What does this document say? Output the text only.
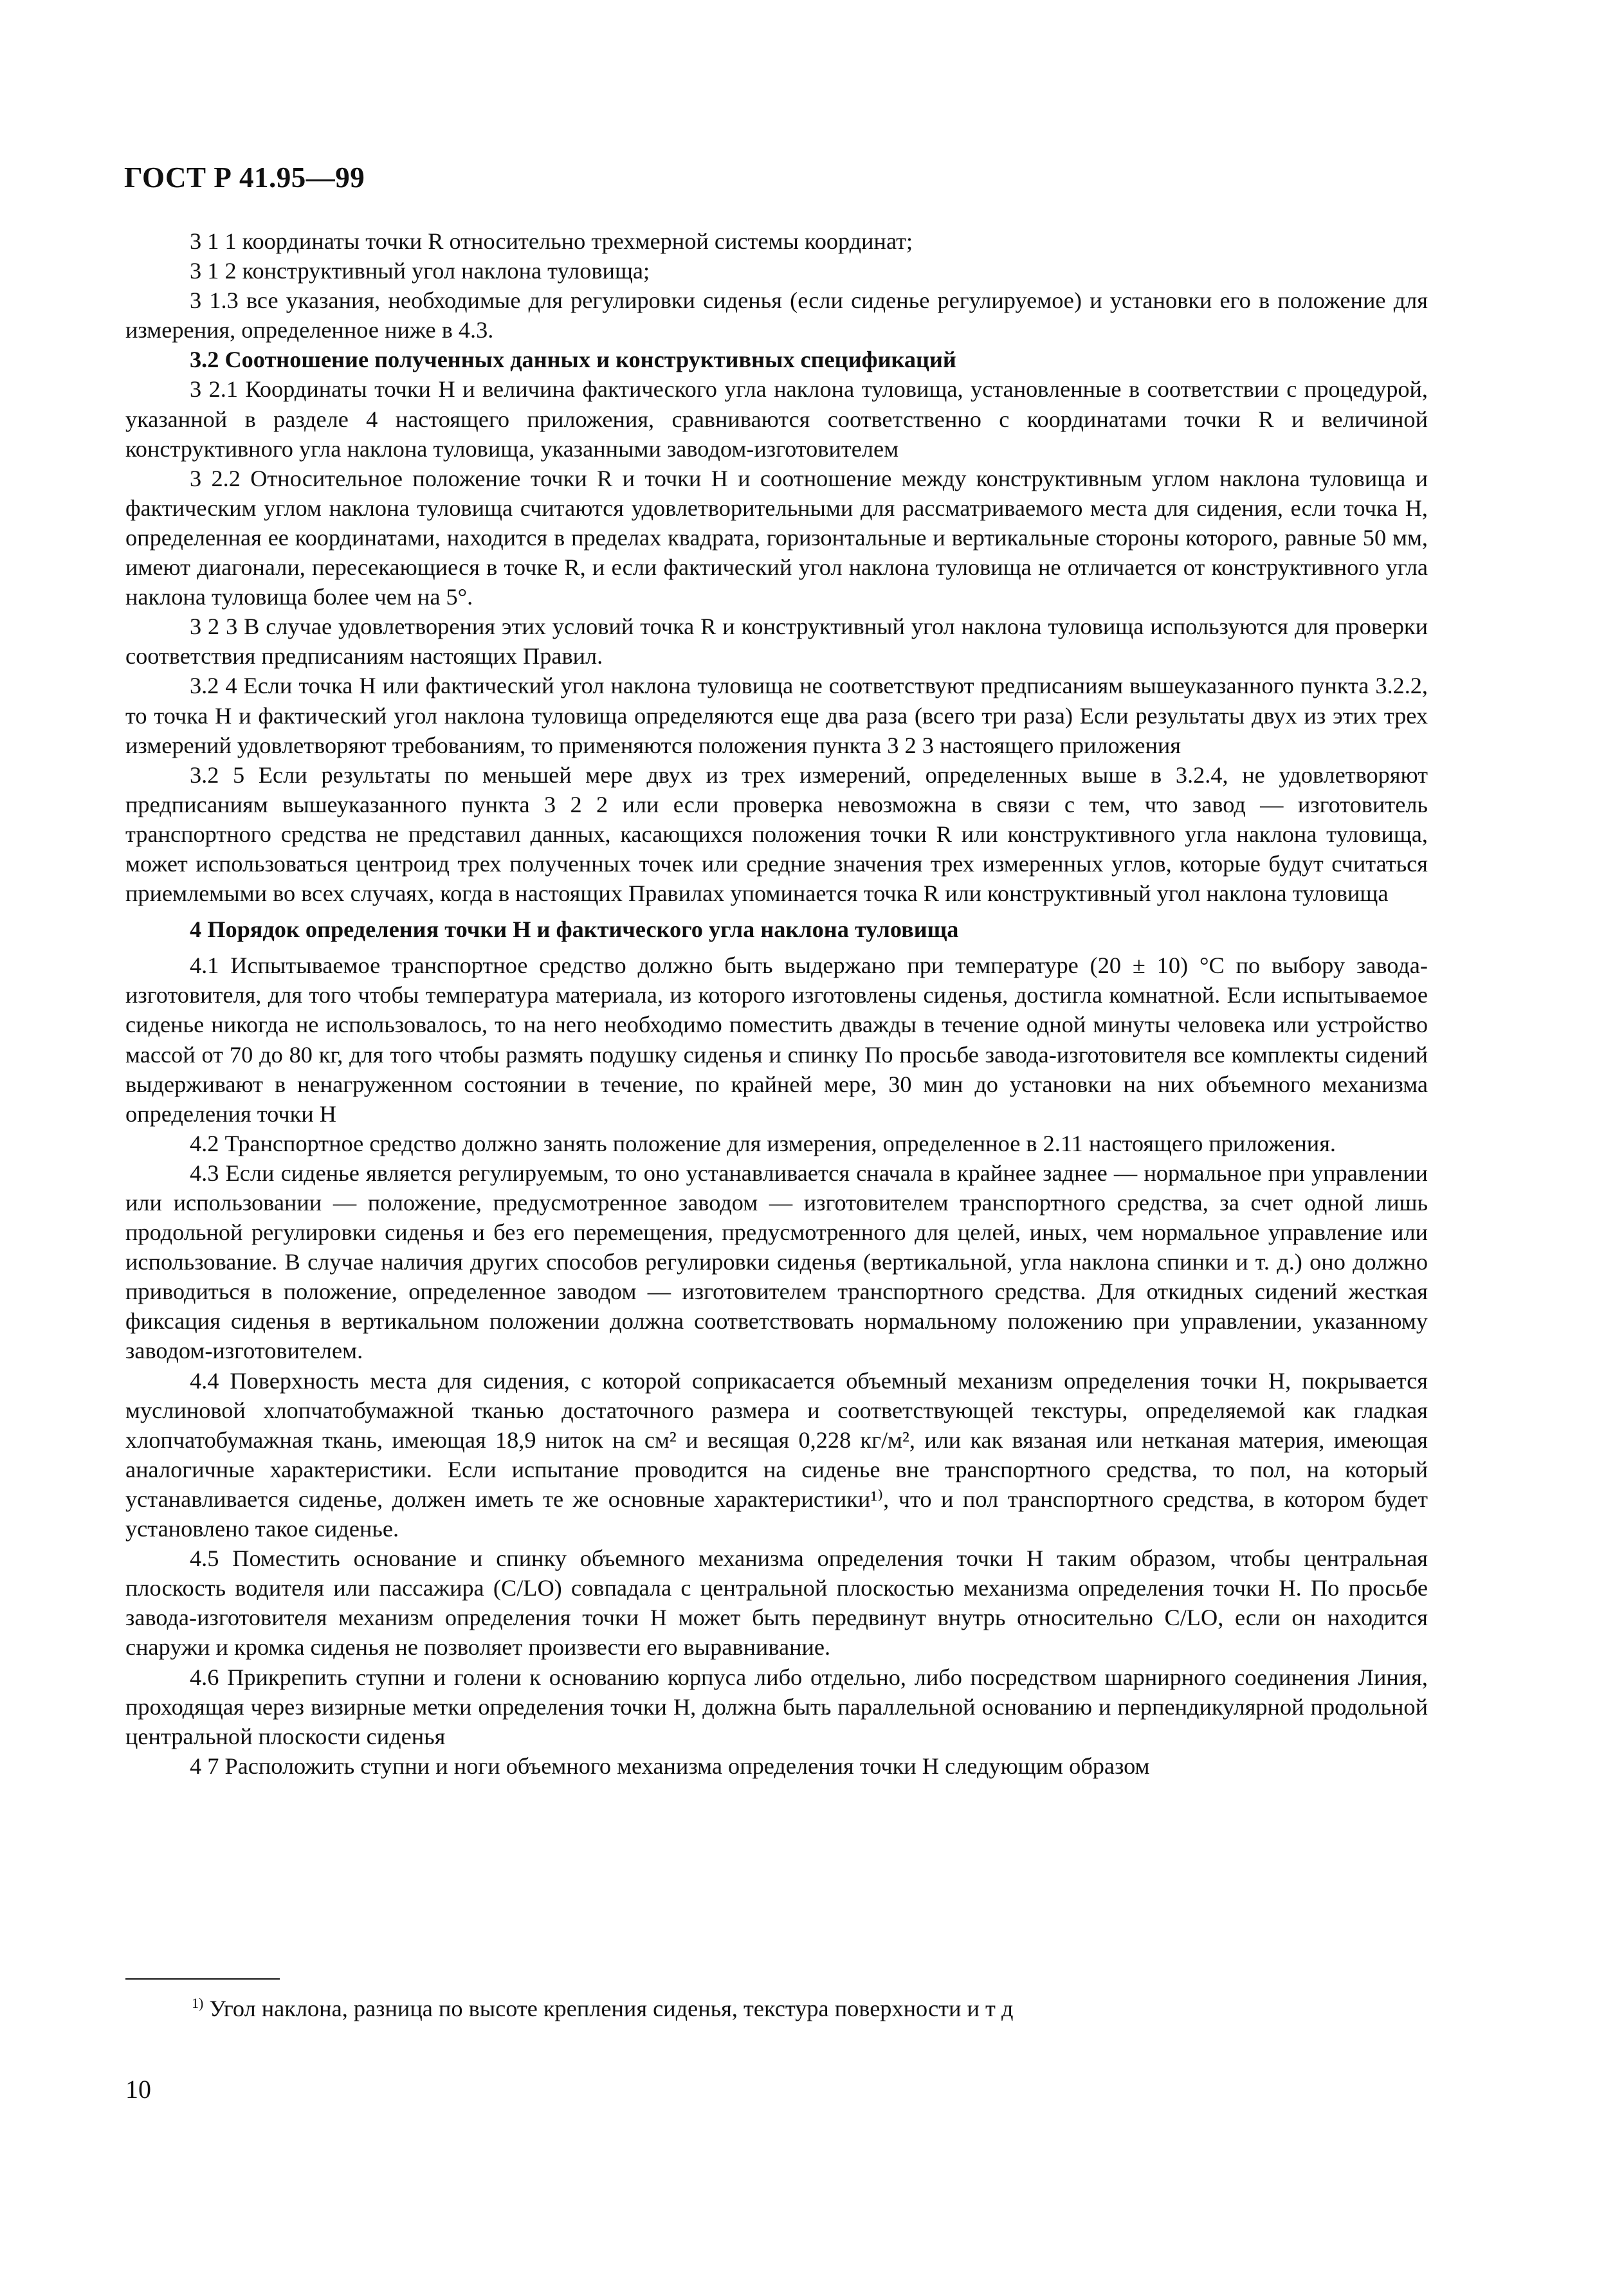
ГОСТ Р 41.95—99

3 1 1 координаты точки R относительно трехмерной системы координат;

3 1 2 конструктивный угол наклона туловища;

3 1.3 все указания, необходимые для регулировки сиденья (если сиденье регулируемое) и установки его в положение для измерения, определенное ниже в 4.3.

3.2 Соотношение полученных данных и конструктивных спецификаций

3 2.1 Координаты точки H и величина фактического угла наклона туловища, установленные в соответствии с процедурой, указанной в разделе 4 настоящего приложения, сравниваются соответственно с координатами точки R и величиной конструктивного угла наклона туловища, указанными заводом-изготовителем

3 2.2 Относительное положение точки R и точки H и соотношение между конструктивным углом наклона туловища и фактическим углом наклона туловища считаются удовлетворительными для рассматриваемого места для сидения, если точка H, определенная ее координатами, находится в пределах квадрата, горизонтальные и вертикальные стороны которого, равные 50 мм, имеют диагонали, пересекающиеся в точке R, и если фактический угол наклона туловища не отличается от конструктивного угла наклона туловища более чем на 5°.

3 2 3 В случае удовлетворения этих условий точка R и конструктивный угол наклона туловища используются для проверки соответствия предписаниям настоящих Правил.

3.2 4 Если точка H или фактический угол наклона туловища не соответствуют предписаниям вышеуказанного пункта 3.2.2, то точка H и фактический угол наклона туловища определяются еще два раза (всего три раза) Если результаты двух из этих трех измерений удовлетворяют требованиям, то применяются положения пункта 3 2 3 настоящего приложения

3.2 5 Если результаты по меньшей мере двух из трех измерений, определенных выше в 3.2.4, не удовлетворяют предписаниям вышеуказанного пункта 3 2 2 или если проверка невозможна в связи с тем, что завод — изготовитель транспортного средства не представил данных, касающихся положения точки R или конструктивного угла наклона туловища, может использоваться центроид трех полученных точек или средние значения трех измеренных углов, которые будут считаться приемлемыми во всех случаях, когда в настоящих Правилах упоминается точка R или конструктивный угол наклона туловища

4 Порядок определения точки H и фактического угла наклона туловища

4.1 Испытываемое транспортное средство должно быть выдержано при температуре (20 ± 10) °С по выбору завода-изготовителя, для того чтобы температура материала, из которого изготовлены сиденья, достигла комнатной. Если испытываемое сиденье никогда не использовалось, то на него необходимо поместить дважды в течение одной минуты человека или устройство массой от 70 до 80 кг, для того чтобы размять подушку сиденья и спинку По просьбе завода-изготовителя все комплекты сидений выдерживают в ненагруженном состоянии в течение, по крайней мере, 30 мин до установки на них объемного механизма определения точки H

4.2 Транспортное средство должно занять положение для измерения, определенное в 2.11 настоящего приложения.

4.3 Если сиденье является регулируемым, то оно устанавливается сначала в крайнее заднее — нормальное при управлении или использовании — положение, предусмотренное заводом — изготовителем транспортного средства, за счет одной лишь продольной регулировки сиденья и без его перемещения, предусмотренного для целей, иных, чем нормальное управление или использование. В случае наличия других способов регулировки сиденья (вертикальной, угла наклона спинки и т. д.) оно должно приводиться в положение, определенное заводом — изготовителем транспортного средства. Для откидных сидений жесткая фиксация сиденья в вертикальном положении должна соответствовать нормальному положению при управлении, указанному заводом-изготовителем.

4.4 Поверхность места для сидения, с которой соприкасается объемный механизм определения точки H, покрывается муслиновой хлопчатобумажной тканью достаточного размера и соответствующей текстуры, определяемой как гладкая хлопчатобумажная ткань, имеющая 18,9 ниток на см² и весящая 0,228 кг/м², или как вязаная или нетканая материя, имеющая аналогичные характеристики. Если испытание проводится на сиденье вне транспортного средства, то пол, на который устанавливается сиденье, должен иметь те же основные характеристики¹⁾, что и пол транспортного средства, в котором будет установлено такое сиденье.

4.5 Поместить основание и спинку объемного механизма определения точки H таким образом, чтобы центральная плоскость водителя или пассажира (C/LO) совпадала с центральной плоскостью механизма определения точки H. По просьбе завода-изготовителя механизм определения точки H может быть передвинут внутрь относительно C/LO, если он находится снаружи и кромка сиденья не позволяет произвести его выравнивание.

4.6 Прикрепить ступни и голени к основанию корпуса либо отдельно, либо посредством шарнирного соединения Линия, проходящая через визирные метки определения точки H, должна быть параллельной основанию и перпендикулярной продольной центральной плоскости сиденья

4 7 Расположить ступни и ноги объемного механизма определения точки H следующим образом

$^{1)}$ Угол наклона, разница по высоте крепления сиденья, текстура поверхности и т д
10
